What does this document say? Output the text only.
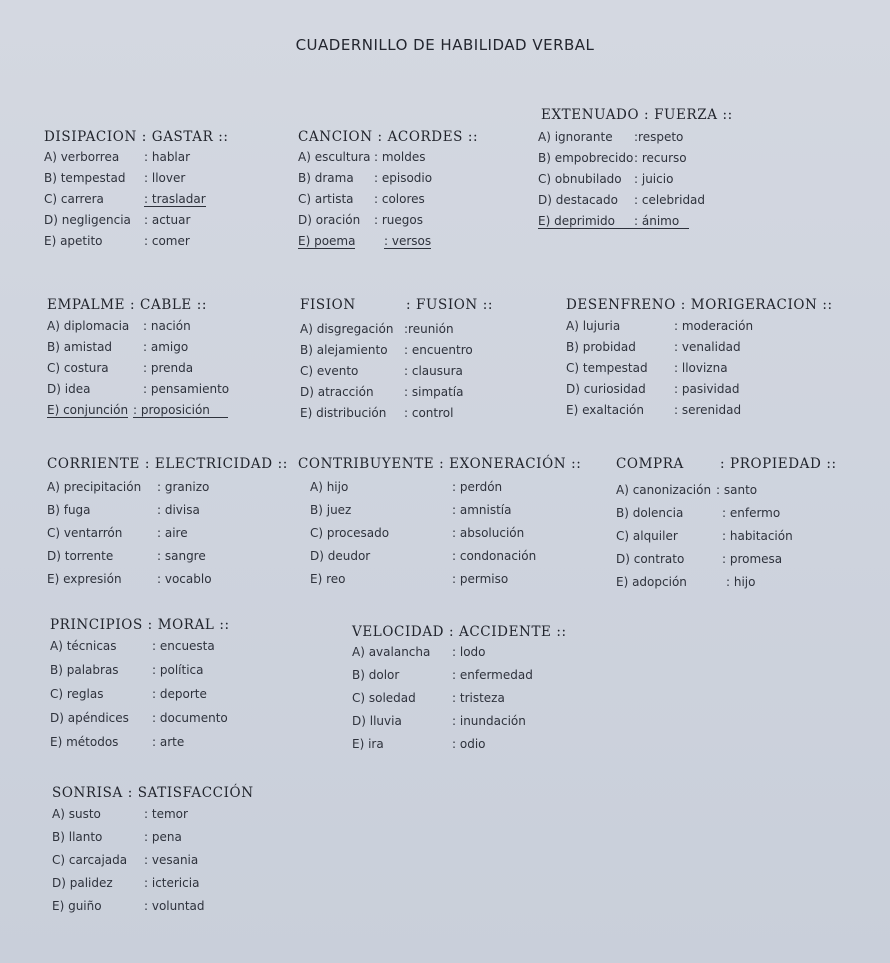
CUADERNILLO DE HABILIDAD VERBAL
DISIPACION : GASTAR ::
A) verborrea : hablar
B) tempestad : llover
C) carrera	: trasladar
D) negligencia : actuar
E) apetito	: comer
CANCION : ACORDES ::
A) escultura : moldes
B) drama : episodio
C) artista : colores
D) oración : ruegos
E) poema : versos
EXTENUADO : FUERZA ::
A) ignorante :respeto
B) empobrecido : recurso
C) obnubilado : juicio
D) destacado : celebridad
E) deprimido	: ánimo
EMPALME : CABLE ::
A) diplomacia : nación
B) amistad	: amigo
C) costura	: prenda
D) idea	: pensamiento
E) conjunción : proposición
FISION	: FUSION ::
A) disgregación :reunión
B) alejamiento : encuentro
C) evento	: clausura
D) atracción	: simpatía
E) distribución : control
DESENFRENO : MORIGERACION ::
A) lujuria	: moderación
B) probidad	: venalidad
C) tempestad : llovizna
D) curiosidad : pasividad
E) exaltación	: serenidad
CORRIENTE : ELECTRICIDAD ::
A) precipitación : granizo
B) fuga	: divisa
C) ventarrón	: aire
D) torrente	: sangre
E) expresión	: vocablo
CONTRIBUYENTE : EXONERACIÓN ::
A) hijo	: perdón
B) juez	: amnistía
C) procesado	: absolución
D) deudor	: condonación
E) reo	: permiso
COMPRA	: PROPIEDAD ::
A) canonización : santo
B) dolencia	: enfermo
C) alquiler	: habitación
D) contrato	: promesa
E) adopción	: hijo
PRINCIPIOS : MORAL ::
A) técnicas	: encuesta
B) palabras	: política
C) reglas	: deporte
D) apéndices : documento
E) métodos	: arte
VELOCIDAD : ACCIDENTE ::
A) avalancha : lodo
B) dolor	: enfermedad
C) soledad	: tristeza
D) lluvia	: inundación
E) ira	: odio
SONRISA : SATISFACCIÓN
A) susto	: temor
B) llanto	: pena
C) carcajada : vesania
D) palidez	: ictericia
E) guiño	: voluntad
